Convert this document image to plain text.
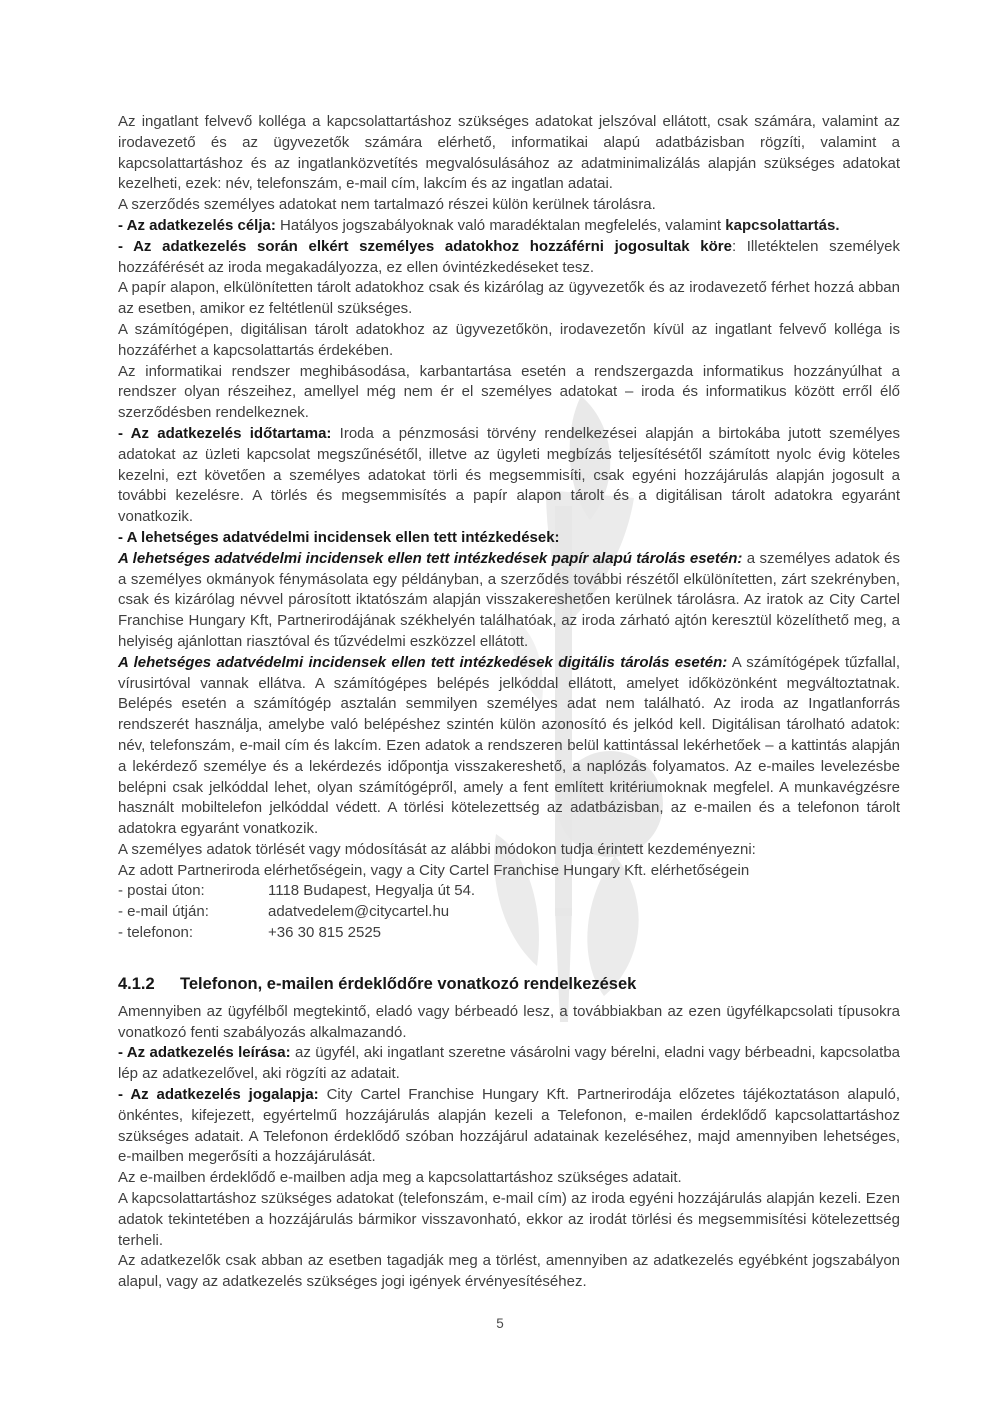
Az ingatlant felvevő kolléga a kapcsolattartáshoz szükséges adatokat jelszóval ellátott, csak számára, valamint az irodavezető és az ügyvezetők számára elérhető, informatikai alapú adatbázisban rögzíti, valamint a kapcsolattartáshoz és az ingatlanközvetítés megvalósulásához az adatminimalizálás alapján szükséges adatokat kezelheti, ezek: név, telefonszám, e-mail cím, lakcím és az ingatlan adatai.
A szerződés személyes adatokat nem tartalmazó részei külön kerülnek tárolásra.
- Az adatkezelés célja: Hatályos jogszabályoknak való maradéktalan megfelelés, valamint kapcsolattartás.
- Az adatkezelés során elkért személyes adatokhoz hozzáférni jogosultak köre: Illetéktelen személyek hozzáférését az iroda megakadályozza, ez ellen óvintézkedéseket tesz.
A papír alapon, elkülönítetten tárolt adatokhoz csak és kizárólag az ügyvezetők és az irodavezető férhet hozzá abban az esetben, amikor ez feltétlenül szükséges.
A számítógépen, digitálisan tárolt adatokhoz az ügyvezetőkön, irodavezetőn kívül az ingatlant felvevő kolléga is hozzáférhet a kapcsolattartás érdekében.
Az informatikai rendszer meghibásodása, karbantartása esetén a rendszergazda informatikus hozzányúlhat a rendszer olyan részeihez, amellyel még nem ér el személyes adatokat – iroda és informatikus között erről élő szerződésben rendelkeznek.
- Az adatkezelés időtartama: Iroda a pénzmosási törvény rendelkezései alapján a birtokába jutott személyes adatokat az üzleti kapcsolat megszűnésétől, illetve az ügyleti megbízás teljesítésétől számított nyolc évig köteles kezelni, ezt követően a személyes adatokat törli és megsemmisíti, csak egyéni hozzájárulás alapján jogosult a további kezelésre. A törlés és megsemmisítés a papír alapon tárolt és a digitálisan tárolt adatokra egyaránt vonatkozik.
- A lehetséges adatvédelmi incidensek ellen tett intézkedések:
A lehetséges adatvédelmi incidensek ellen tett intézkedések papír alapú tárolás esetén: a személyes adatok és a személyes okmányok fénymásolata egy példányban, a szerződés további részétől elkülönítetten, zárt szekrényben, csak és kizárólag névvel párosított iktatószám alapján visszakereshetően kerülnek tárolásra. Az iratok az City Cartel Franchise Hungary Kft, Partnerirodájának székhelyén találhatóak, az iroda zárható ajtón keresztül közelíthető meg, a helyiség ajánlottan riasztóval és tűzvédelmi eszközzel ellátott.
A lehetséges adatvédelmi incidensek ellen tett intézkedések digitális tárolás esetén: A számítógépek tűzfallal, vírusirtóval vannak ellátva. A számítógépes belépés jelkóddal ellátott, amelyet időközönként megváltoztatnak. Belépés esetén a számítógép asztalán semmilyen személyes adat nem található. Az iroda az Ingatlanforrás rendszerét használja, amelybe való belépéshez szintén külön azonosító és jelkód kell. Digitálisan tárolható adatok: név, telefonszám, e-mail cím és lakcím. Ezen adatok a rendszeren belül kattintással lekérhetőek – a kattintás alapján a lekérdező személye és a lekérdezés időpontja visszakereshető, a naplózás folyamatos. Az e-mailes levelezésbe belépni csak jelkóddal lehet, olyan számítógépről, amely a fent említett kritériumoknak megfelel. A munkavégzésre használt mobiltelefon jelkóddal védett. A törlési kötelezettség az adatbázisban, az e-mailen és a telefonon tárolt adatokra egyaránt vonatkozik.
A személyes adatok törlését vagy módosítását az alábbi módokon tudja érintett kezdeményezni:
Az adott Partneriroda elérhetőségein, vagy a City Cartel Franchise Hungary Kft. elérhetőségein
- postai úton:	1118 Budapest, Hegyalja út 54.
- e-mail útján:	adatvedelem@citycartel.hu
- telefonon:	+36 30 815 2525
4.1.2	Telefonon, e-mailen érdeklődőre vonatkozó rendelkezések
Amennyiben az ügyfélből megtekintő, eladó vagy bérbeadó lesz, a továbbiakban az ezen ügyfélkapcsolati típusokra vonatkozó fenti szabályozás alkalmazandó.
- Az adatkezelés leírása: az ügyfél, aki ingatlant szeretne vásárolni vagy bérelni, eladni vagy bérbeadni, kapcsolatba lép az adatkezelővel, aki rögzíti az adatait.
- Az adatkezelés jogalapja: City Cartel Franchise Hungary Kft. Partnerirodája előzetes tájékoztatáson alapuló, önkéntes, kifejezett, egyértelmű hozzájárulás alapján kezeli a Telefonon, e-mailen érdeklődő kapcsolattartáshoz szükséges adatait. A Telefonon érdeklődő szóban hozzájárul adatainak kezeléséhez, majd amennyiben lehetséges, e-mailben megerősíti a hozzájárulását.
Az e-mailben érdeklődő e-mailben adja meg a kapcsolattartáshoz szükséges adatait.
A kapcsolattartáshoz szükséges adatokat (telefonszám, e-mail cím) az iroda egyéni hozzájárulás alapján kezeli. Ezen adatok tekintetében a hozzájárulás bármikor visszavonható, ekkor az irodát törlési és megsemmisítési kötelezettség terheli.
Az adatkezelők csak abban az esetben tagadják meg a törlést, amennyiben az adatkezelés egyébként jogszabályon alapul, vagy az adatkezelés szükséges jogi igények érvényesítéséhez.
5
